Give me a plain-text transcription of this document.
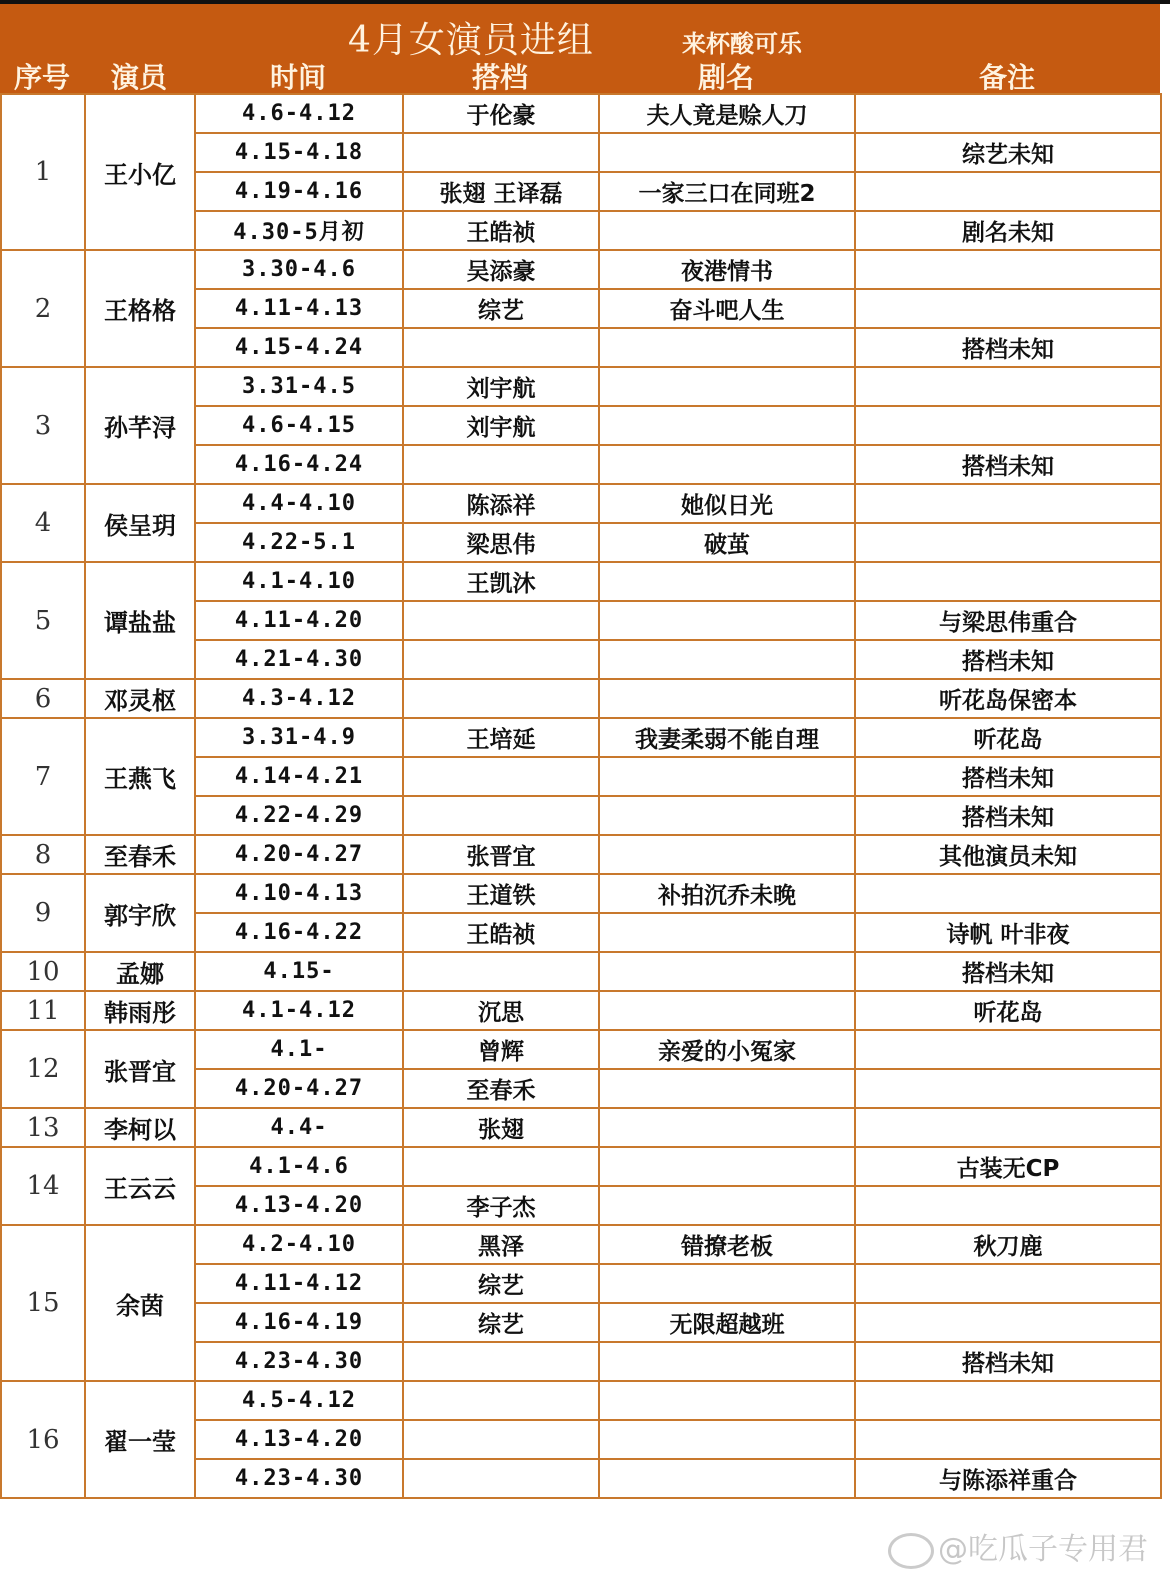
4月女演员进组	来杯酸可乐
序号	演员	时间	搭档	剧名	备注
1	王小亿	4.6-4.12	于伦豪	夫人竟是赊人刀	
		4.15-4.18			综艺未知
		4.19-4.16	张翅 王译磊	一家三口在同班2	
		4.30-5月初	王皓祯		剧名未知
2	王格格	3.30-4.6	吴添豪	夜港情书	
		4.11-4.13	综艺	奋斗吧人生	
		4.15-4.24			搭档未知
3	孙芊浔	3.31-4.5	刘宇航		
		4.6-4.15	刘宇航		
		4.16-4.24			搭档未知
4	侯呈玥	4.4-4.10	陈添祥	她似日光	
		4.22-5.1	梁思伟	破茧	
5	谭盐盐	4.1-4.10	王凯沐		
		4.11-4.20			与梁思伟重合
		4.21-4.30			搭档未知
6	邓灵枢	4.3-4.12			听花岛保密本
7	王燕飞	3.31-4.9	王培延	我妻柔弱不能自理	听花岛
		4.14-4.21			搭档未知
		4.22-4.29			搭档未知
8	至春禾	4.20-4.27	张晋宜		其他演员未知
9	郭宇欣	4.10-4.13	王道铁	补拍沉乔未晚	
		4.16-4.22	王皓祯		诗帆 叶非夜
10	孟娜	4.15-			搭档未知
11	韩雨彤	4.1-4.12	沉思		听花岛
12	张晋宜	4.1-	曾辉	亲爱的小冤家	
		4.20-4.27	至春禾		
13	李柯以	4.4-	张翅		
14	王云云	4.1-4.6			古装无CP
		4.13-4.20	李子杰		
15	余茵	4.2-4.10	黑泽	错撩老板	秋刀鹿
		4.11-4.12	综艺		
		4.16-4.19	综艺	无限超越班	
		4.23-4.30			搭档未知
16	翟一莹	4.5-4.12			
		4.13-4.20			
		4.23-4.30			与陈添祥重合
@吃瓜子专用君
